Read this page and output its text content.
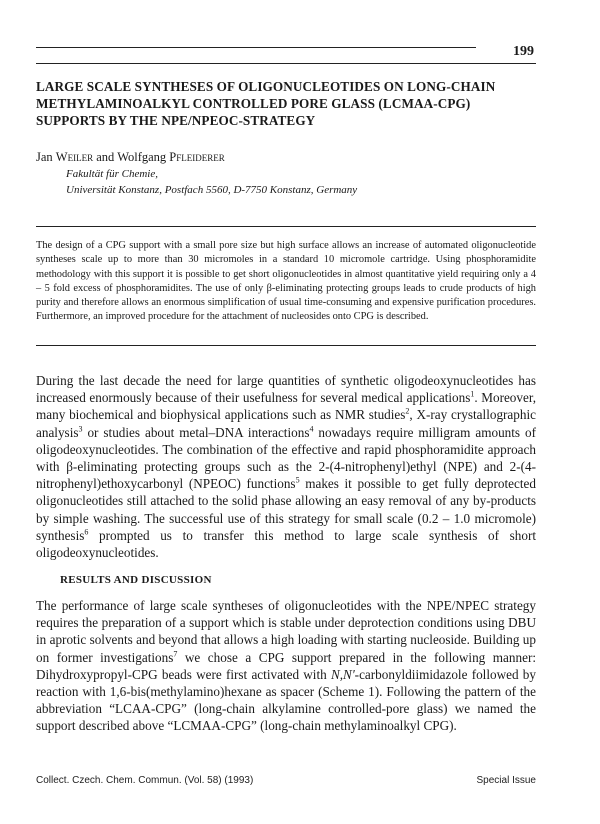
199
LARGE SCALE SYNTHESES OF OLIGONUCLEOTIDES ON LONG-CHAIN METHYLAMINOALKYL CONTROLLED PORE GLASS (LCMAA-CPG) SUPPORTS BY THE NPE/NPEOC-STRATEGY
Jan Weiler and Wolfgang Pfleiderer
Fakultät für Chemie,
Universität Konstanz, Postfach 5560, D-7750 Konstanz, Germany

The design of a CPG support with a small pore size but high surface allows an increase of automated oligonucleotide syntheses scale up to more than 30 micromoles in a standard 10 micromole cartridge. Using phosphoramidite methodology with this support it is possible to get short oligonucleotides in almost quantitative yield requiring only a 4 – 5 fold excess of phosphoramidites. The use of only β-eliminating protecting groups leads to crude products of high purity and therefore allows an enormous simplification of usual time-consuming and expensive purification procedures. Furthermore, an improved procedure for the attachment of nucleosides onto CPG is described.

During the last decade the need for large quantities of synthetic oligodeoxynucleotides has increased enormously because of their usefulness for several medical applications$^1$. Moreover, many biochemical and biophysical applications such as NMR studies$^2$, X-ray crystallographic analysis$^3$ or studies about metal–DNA interactions$^4$ nowadays require milligram amounts of oligodeoxynucleotides. The combination of the effective and rapid phosphoramidite approach with β-eliminating protecting groups such as the 2-(4-nitrophenyl)ethyl (NPE) and 2-(4-nitrophenyl)ethoxycarbonyl (NPEOC) functions$^5$ makes it possible to get fully deprotected oligonucleotides still attached to the solid phase allowing an easy removal of any by-products by simple washing. The successful use of this strategy for small scale (0.2 – 1.0 micromole) synthesis$^6$ prompted us to transfer this method to large scale synthesis of short oligodeoxynucleotides.

RESULTS AND DISCUSSION

The performance of large scale syntheses of oligonucleotides with the NPE/NPEC strategy requires the preparation of a support which is stable under deprotection conditions using DBU in aprotic solvents and beyond that allows a high loading with starting nucleoside. Building up on former investigations$^7$ we chose a CPG support prepared in the following manner: Dihydroxypropyl-CPG beads were first activated with N,N'-carbonyldiimidazole followed by reaction with 1,6-bis(methylamino)hexane as spacer (Scheme 1). Following the pattern of the abbreviation “LCAA-CPG” (long-chain alkylamine controlled-pore glass) we named the support described above “LCMAA-CPG” (long-chain methylaminoalkyl CPG).

Collect. Czech. Chem. Commun. (Vol. 58) (1993)	Special Issue
